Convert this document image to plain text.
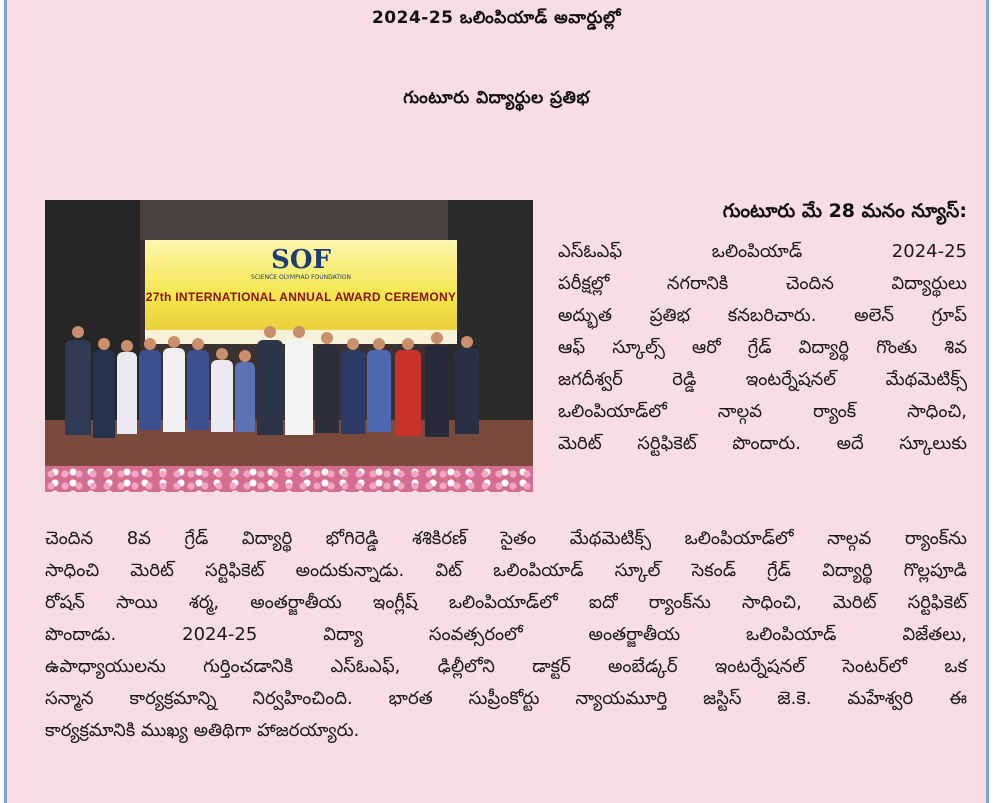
2024-25 ఒలింపియాడ్ అవార్డుల్లో
గుంటూరు విద్యార్థుల ప్రతిభ
SOF
SCIENCE OLYMPIAD FOUNDATION
27th INTERNATIONAL ANNUAL AWARD CEREMONY
గుంటూరు మే 28 మనం న్యూస్:

ఎస్ఓఎఫ్ ఒలింపియాడ్ 2024-25
పరీక్షల్లో నగరానికి చెందిన విద్యార్థులు
అద్భుత ప్రతిభ కనబరిచారు. అలెన్ గ్రూప్
ఆఫ్ స్కూల్స్ ఆరో గ్రేడ్ విద్యార్థి గొంతు శివ
జగదీశ్వర్ రెడ్డి ఇంటర్నేషనల్ మేథమెటిక్స్
ఒలింపియాడ్‌లో నాల్గవ ర్యాంక్ సాధించి,
మెరిట్ సర్టిఫికెట్ పొందారు. అదే స్కూలుకు

చెందిన 8వ గ్రేడ్ విద్యార్థి భోగిరెడ్డి శశికిరణ్ సైతం మేథమెటిక్స్ ఒలింపియాడ్‌లో నాల్గవ ర్యాంక్‌ను
సాధించి మెరిట్ సర్టిఫికెట్ అందుకున్నాడు. విట్ ఒలింపియాడ్ స్కూల్ సెకండ్ గ్రేడ్ విద్యార్థి గొల్లపూడి
రోషన్ సాయి శర్మ, అంతర్జాతీయ ఇంగ్లీష్ ఒలింపియాడ్‌లో ఐదో ర్యాంక్‌ను సాధించి, మెరిట్ సర్టిఫికెట్
పొందాడు. 2024-25 విద్యా సంవత్సరంలో అంతర్జాతీయ ఒలింపియాడ్ విజేతలు,
ఉపాధ్యాయులను గుర్తించడానికి ఎస్ఓఎఫ్, ఢిల్లీలోని డాక్టర్ అంబేడ్కర్ ఇంటర్నేషనల్ సెంటర్‌లో ఒక
సన్మాన కార్యక్రమాన్ని నిర్వహించింది. భారత సుప్రీంకోర్టు న్యాయమూర్తి జస్టిస్ జె.కె. మహేశ్వరి ఈ
కార్యక్రమానికి ముఖ్య అతిథిగా హాజరయ్యారు.
